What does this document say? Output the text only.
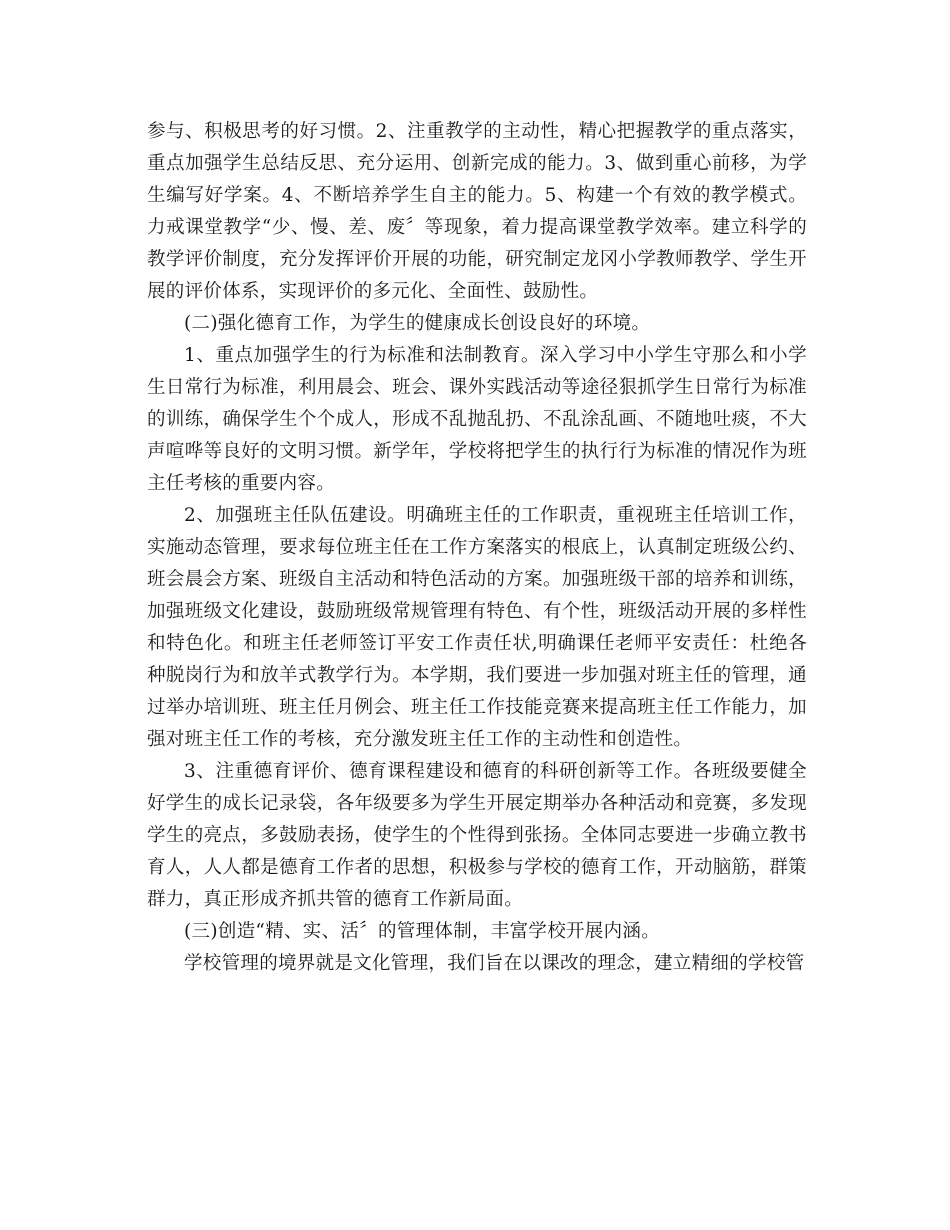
参与、积极思考的好习惯。2、注重教学的主动性，精心把握教学的重点落实，重点加强学生总结反思、充分运用、创新完成的能力。3、做到重心前移，为学生编写好学案。4、不断培养学生自主的能力。5、构建一个有效的教学模式。力戒课堂教学“少、慢、差、废〞等现象，着力提高课堂教学效率。建立科学的教学评价制度，充分发挥评价开展的功能，研究制定龙冈小学教师教学、学生开展的评价体系，实现评价的多元化、全面性、鼓励性。

(二)强化德育工作，为学生的健康成长创设良好的环境。

1、重点加强学生的行为标准和法制教育。深入学习中小学生守那么和小学生日常行为标准，利用晨会、班会、课外实践活动等途径狠抓学生日常行为标准的训练，确保学生个个成人，形成不乱抛乱扔、不乱涂乱画、不随地吐痰，不大声喧哗等良好的文明习惯。新学年，学校将把学生的执行行为标准的情况作为班主任考核的重要内容。

2、加强班主任队伍建设。明确班主任的工作职责，重视班主任培训工作，实施动态管理，要求每位班主任在工作方案落实的根底上，认真制定班级公约、班会晨会方案、班级自主活动和特色活动的方案。加强班级干部的培养和训练，加强班级文化建设，鼓励班级常规管理有特色、有个性，班级活动开展的多样性和特色化。和班主任老师签订平安工作责任状,明确课任老师平安责任：杜绝各种脱岗行为和放羊式教学行为。本学期，我们要进一步加强对班主任的管理，通过举办培训班、班主任月例会、班主任工作技能竞赛来提高班主任工作能力，加强对班主任工作的考核，充分激发班主任工作的主动性和创造性。

3、注重德育评价、德育课程建设和德育的科研创新等工作。各班级要健全好学生的成长记录袋，各年级要多为学生开展定期举办各种活动和竞赛，多发现学生的亮点，多鼓励表扬，使学生的个性得到张扬。全体同志要进一步确立教书育人，人人都是德育工作者的思想，积极参与学校的德育工作，开动脑筋，群策群力，真正形成齐抓共管的德育工作新局面。

(三)创造“精、实、活〞的管理体制，丰富学校开展内涵。

学校管理的境界就是文化管理，我们旨在以课改的理念，建立精细的学校管
